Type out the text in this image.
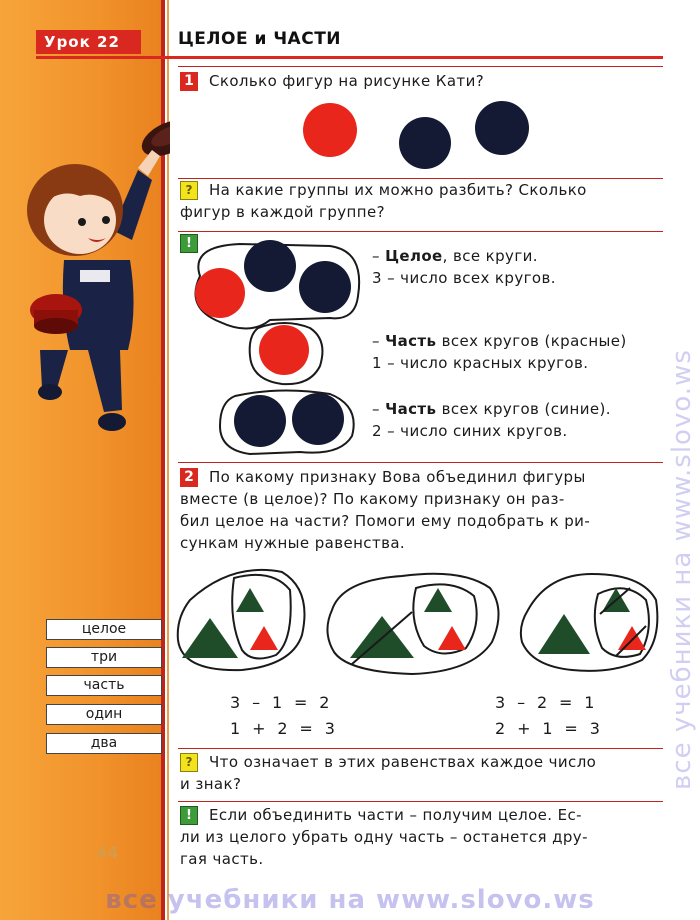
Урок 22	ЦЕЛОЕ и ЧАСТИ
1 Сколько фигур на рисунке Кати?
?	На какие группы их можно разбить? Сколько
фигур в каждой группе?
!
– Целое, все круги.
3 – число всех кругов.
– Часть всех кругов (красные)
1 – число красных кругов.
– Часть всех кругов (синие).
2 – число синих кругов.
2 По какому признаку Вова объединил фигуры
вместе (в целое)? По какому признаку он раз-
бил целое на части? Помоги ему подобрать к ри-
сункам нужные равенства.
3 – 1 = 2
1 + 2 = 3
3 – 2 = 1
2 + 1 = 3
?	Что означает в этих равенствах каждое число
и знак?
!	Если объединить части – получим целое. Ес-
ли из целого убрать одну часть – останется дру-
гая часть.
целое
три
часть
один
два
44
все учебники на www.slovo.ws
все учебники на www.slovo.ws
